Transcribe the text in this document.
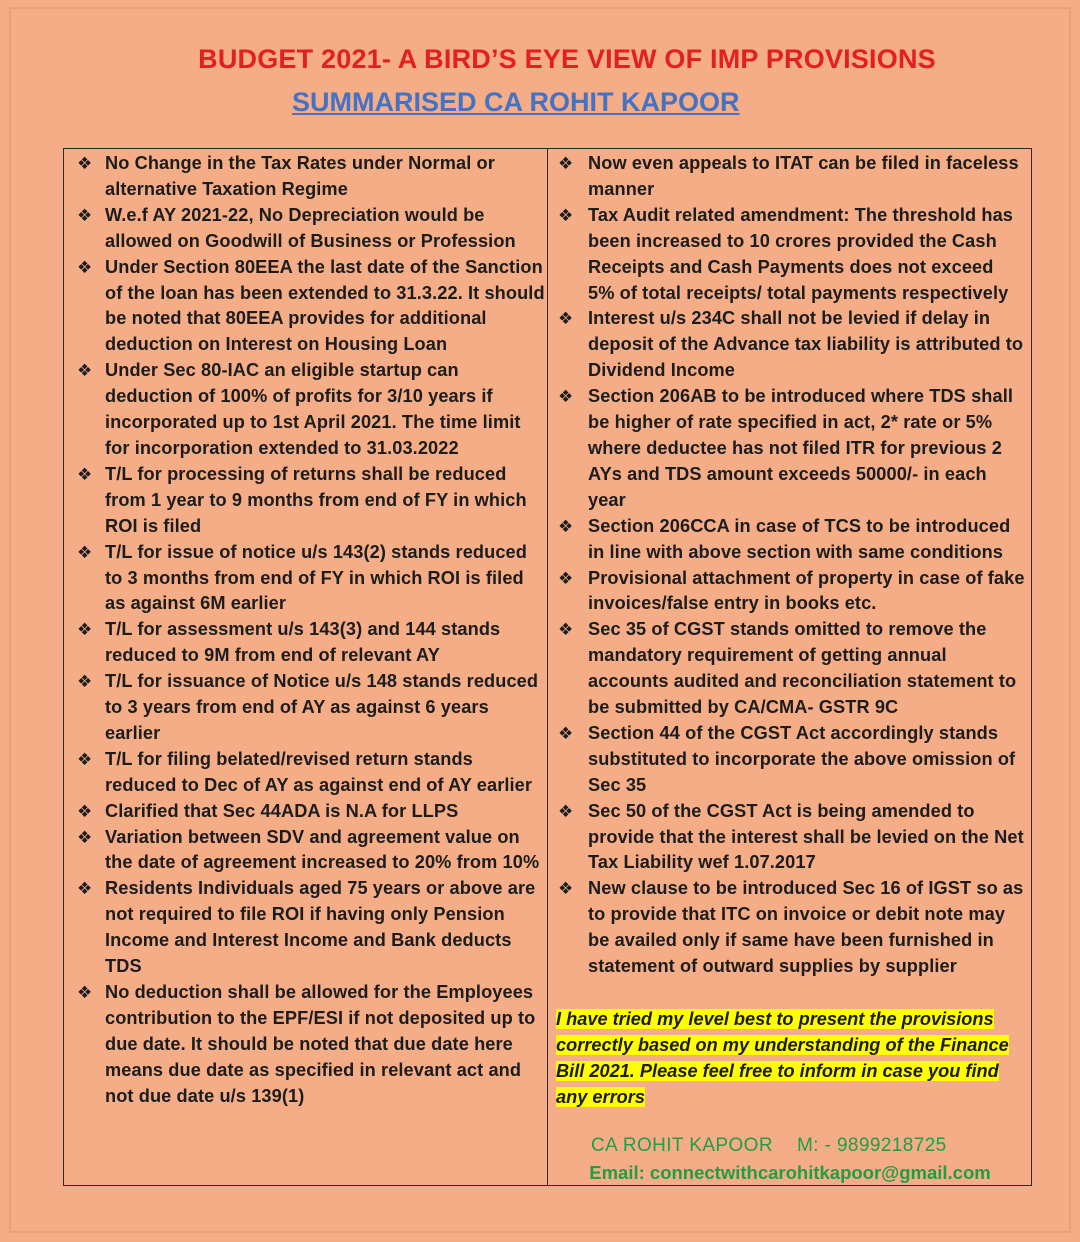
BUDGET 2021- A BIRD’S EYE VIEW OF IMP PROVISIONS
SUMMARISED CA ROHIT KAPOOR
❖ No Change in the Tax Rates under Normal or alternative Taxation Regime
❖ W.e.f AY 2021-22, No Depreciation would be allowed on Goodwill of Business or Profession
❖ Under Section 80EEA the last date of the Sanction of the loan has been extended to 31.3.22. It should be noted that 80EEA provides for additional deduction on Interest on Housing Loan
❖ Under Sec 80-IAC an eligible startup can deduction of 100% of profits for 3/10 years if incorporated up to 1st April 2021. The time limit for incorporation extended to 31.03.2022
❖ T/L for processing of returns shall be reduced from 1 year to 9 months from end of FY in which ROI is filed
❖ T/L for issue of notice u/s 143(2) stands reduced to 3 months from end of FY in which ROI is filed as against 6M earlier
❖ T/L for assessment u/s 143(3) and 144 stands reduced to 9M from end of relevant AY
❖ T/L for issuance of Notice u/s 148 stands reduced to 3 years from end of AY as against 6 years earlier
❖ T/L for filing belated/revised return stands reduced to Dec of AY as against end of AY earlier
❖ Clarified that Sec 44ADA is N.A for LLPS
❖ Variation between SDV and agreement value on the date of agreement increased to 20% from 10%
❖ Residents Individuals aged 75 years or above are not required to file ROI if having only Pension Income and Interest Income and Bank deducts TDS
❖ No deduction shall be allowed for the Employees contribution to the EPF/ESI if not deposited up to due date. It should be noted that due date here means due date as specified in relevant act and not due date u/s 139(1)
❖ Now even appeals to ITAT can be filed in faceless manner
❖ Tax Audit related amendment: The threshold has been increased to 10 crores provided the Cash Receipts and Cash Payments does not exceed 5% of total receipts/ total payments respectively
❖ Interest u/s 234C shall not be levied if delay in deposit of the Advance tax liability is attributed to Dividend Income
❖ Section 206AB to be introduced where TDS shall be higher of rate specified in act, 2* rate or 5% where deductee has not filed ITR for previous 2 AYs and TDS amount exceeds 50000/- in each year
❖ Section 206CCA in case of TCS to be introduced in line with above section with same conditions
❖ Provisional attachment of property in case of fake invoices/false entry in books etc.
❖ Sec 35 of CGST stands omitted to remove the mandatory requirement of getting annual accounts audited and reconciliation statement to be submitted by CA/CMA- GSTR 9C
❖ Section 44 of the CGST Act accordingly stands substituted to incorporate the above omission of Sec 35
❖ Sec 50 of the CGST Act is being amended to provide that the interest shall be levied on the Net Tax Liability wef 1.07.2017
❖ New clause to be introduced Sec 16 of IGST so as to provide that ITC on invoice or debit note may be availed only if same have been furnished in statement of outward supplies by supplier
I have tried my level best to present the provisions
correctly based on my understanding of the Finance
Bill 2021. Please feel free to inform in case you find
any errors
CA ROHIT KAPOOR M: - 9899218725
Email: connectwithcarohitkapoor@gmail.com
